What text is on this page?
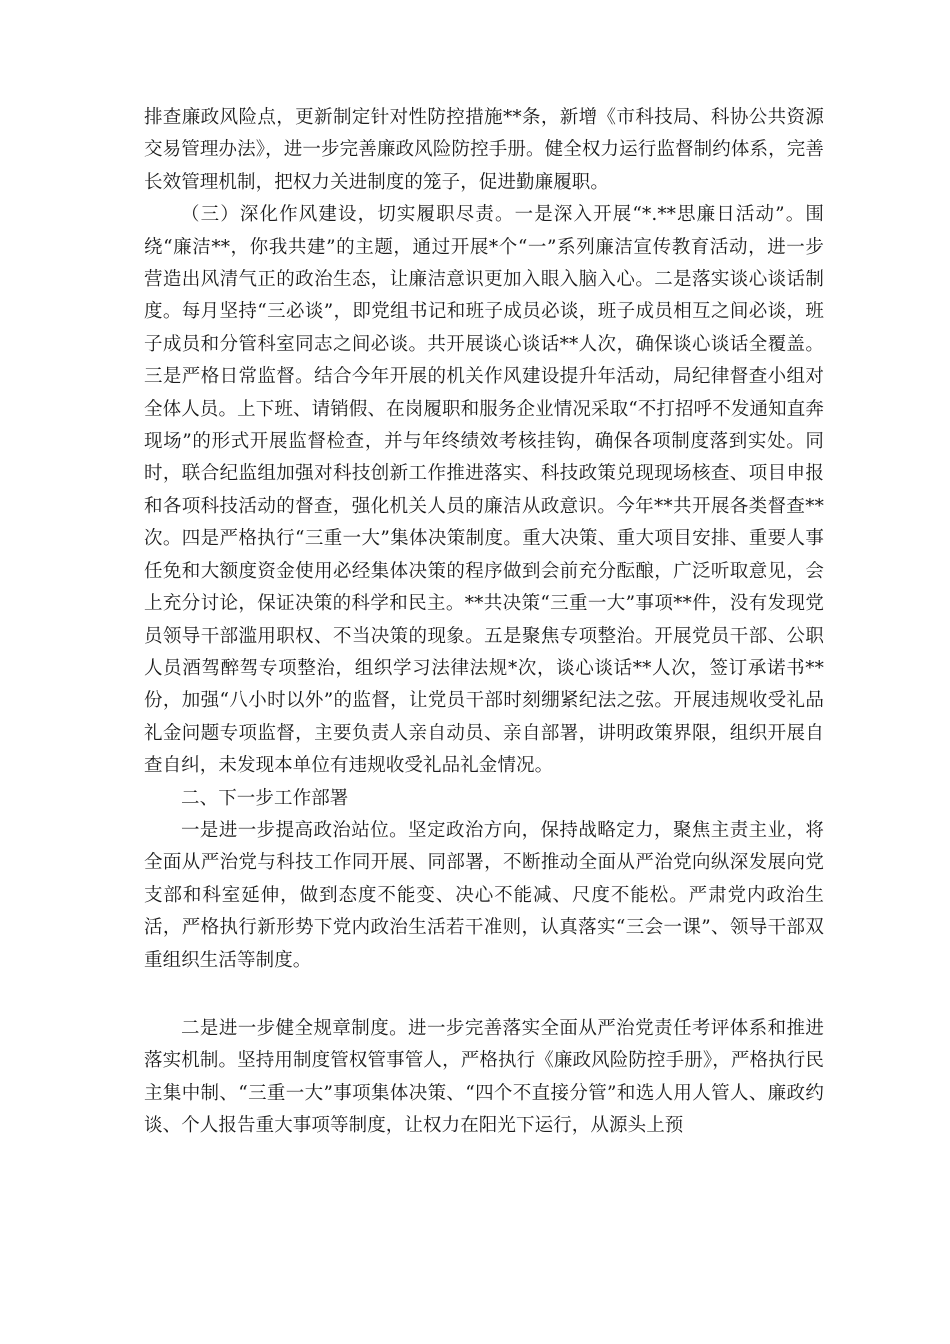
排查廉政风险点，更新制定针对性防控措施**条，新增《市科技局、科协公共资源交易管理办法》，进一步完善廉政风险防控手册。健全权力运行监督制约体系，完善长效管理机制，把权力关进制度的笼子，促进勤廉履职。

（三）深化作风建设，切实履职尽责。一是深入开展“*.**思廉日活动”。围绕“廉洁**，你我共建”的主题，通过开展*个“一”系列廉洁宣传教育活动，进一步营造出风清气正的政治生态，让廉洁意识更加入眼入脑入心。二是落实谈心谈话制度。每月坚持“三必谈”，即党组书记和班子成员必谈，班子成员相互之间必谈，班子成员和分管科室同志之间必谈。共开展谈心谈话**人次，确保谈心谈话全覆盖。三是严格日常监督。结合今年开展的机关作风建设提升年活动，局纪律督查小组对全体人员。上下班、请销假、在岗履职和服务企业情况采取“不打招呼不发通知直奔现场”的形式开展监督检查，并与年终绩效考核挂钩，确保各项制度落到实处。同时，联合纪监组加强对科技创新工作推进落实、科技政策兑现现场核查、项目申报和各项科技活动的督查，强化机关人员的廉洁从政意识。今年**共开展各类督查**次。四是严格执行“三重一大”集体决策制度。重大决策、重大项目安排、重要人事任免和大额度资金使用必经集体决策的程序做到会前充分酝酿，广泛听取意见，会上充分讨论，保证决策的科学和民主。**共决策“三重一大”事项**件，没有发现党员领导干部滥用职权、不当决策的现象。五是聚焦专项整治。开展党员干部、公职人员酒驾醉驾专项整治，组织学习法律法规*次，谈心谈话**人次，签订承诺书**份，加强“八小时以外”的监督，让党员干部时刻绷紧纪法之弦。开展违规收受礼品礼金问题专项监督，主要负责人亲自动员、亲自部署，讲明政策界限，组织开展自查自纠，未发现本单位有违规收受礼品礼金情况。

二、下一步工作部署

一是进一步提高政治站位。坚定政治方向，保持战略定力，聚焦主责主业，将全面从严治党与科技工作同开展、同部署，不断推动全面从严治党向纵深发展向党支部和科室延伸，做到态度不能变、决心不能减、尺度不能松。严肃党内政治生活，严格执行新形势下党内政治生活若干准则，认真落实“三会一课”、领导干部双重组织生活等制度。

二是进一步健全规章制度。进一步完善落实全面从严治党责任考评体系和推进落实机制。坚持用制度管权管事管人，严格执行《廉政风险防控手册》，严格执行民主集中制、“三重一大”事项集体决策、“四个不直接分管”和选人用人管人、廉政约谈、个人报告重大事项等制度，让权力在阳光下运行，从源头上预
